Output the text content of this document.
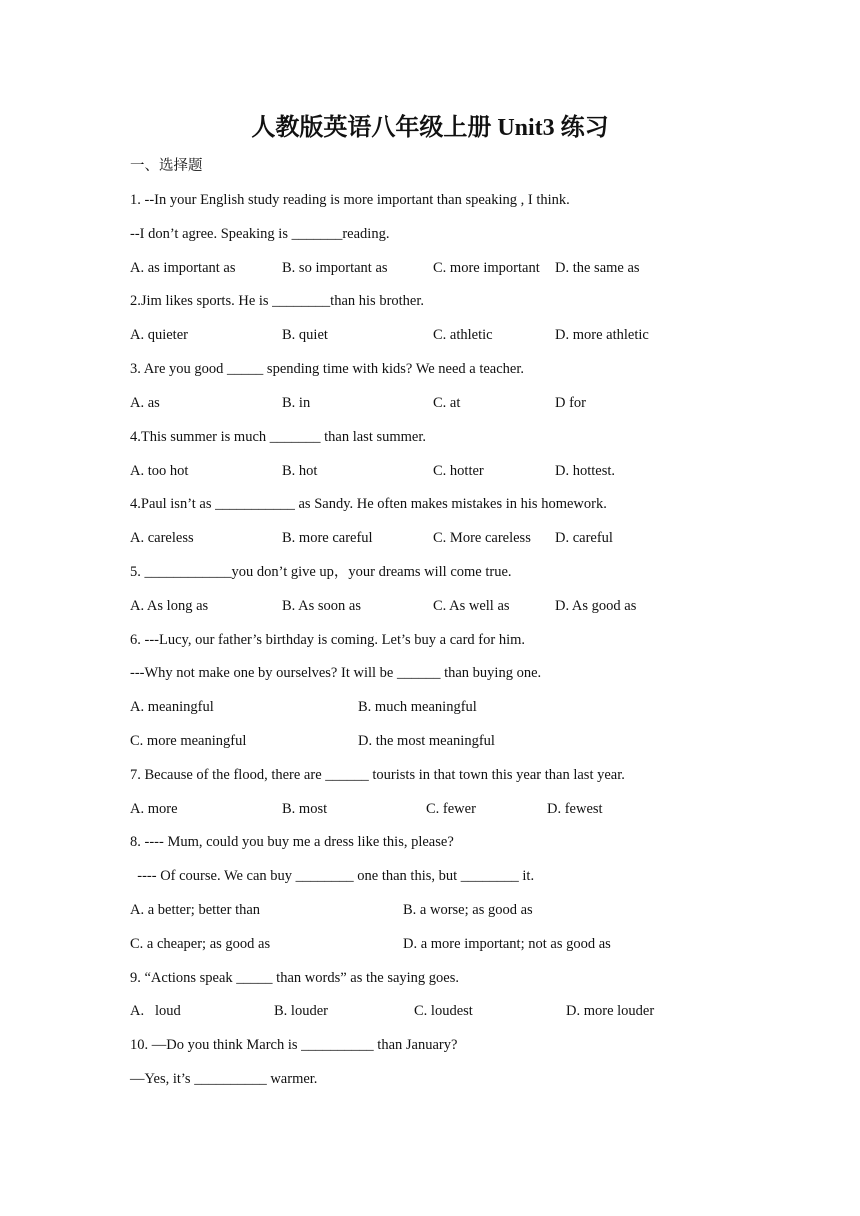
人教版英语八年级上册 Unit3 练习
一、选择题
1. --In your English study reading is more important than speaking , I think.
--I don’t agree. Speaking is _______reading.
A. as important as	B. so important as	C. more important D. the same as
2.Jim likes sports. He is ________than his brother.
A. quieter	B. quiet	C. athletic	D. more athletic
3. Are you good _____ spending time with kids? We need a teacher.
A. as	B. in	C. at	D for
4.This summer is much _______ than last summer.
A. too hot	B. hot	C. hotter	D. hottest.
4.Paul isn’t as ___________ as Sandy. He often makes mistakes in his homework.
A. careless	B. more careful	C. More careless D. careful
5. ____________you don’t give up，your dreams will come true.
A. As long as	B. As soon as	C. As well as	D. As good as
6. ---Lucy, our father’s birthday is coming. Let’s buy a card for him.
---Why not make one by ourselves? It will be ______ than buying one.
A. meaningful	B. much meaningful
C. more meaningful	D. the most meaningful
7. Because of the flood, there are ______ tourists in that town this year than last year.
A. more	B. most	C. fewer	D. fewest
8. ---- Mum, could you buy me a dress like this, please?
---- Of course. We can buy ________ one than this, but ________ it.
A. a better; better than	B. a worse; as good as
C. a cheaper; as good as	D. a more important; not as good as
9. “Actions speak _____ than words” as the saying goes.
A.   loud	B. louder	C. loudest	D. more louder
10. —Do you think March is __________ than January?
—Yes, it’s __________ warmer.
